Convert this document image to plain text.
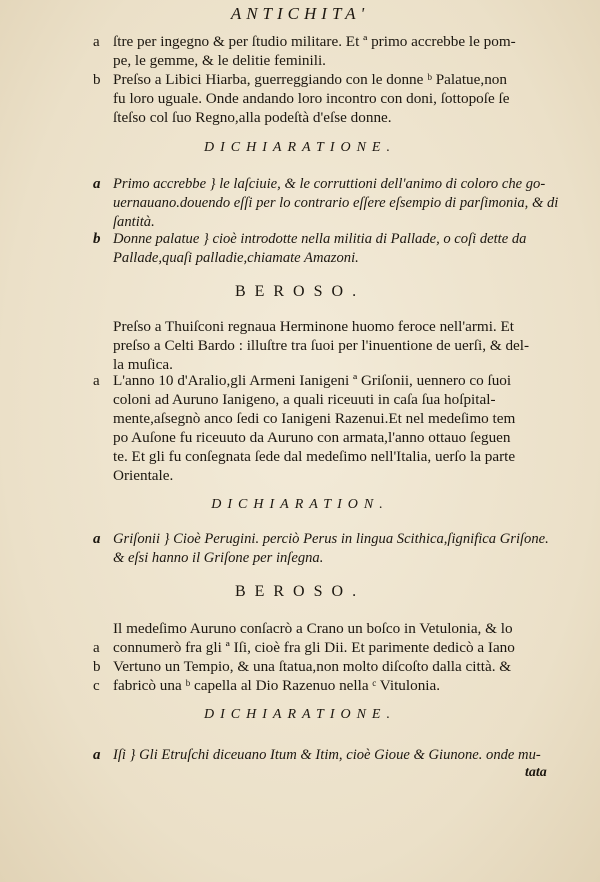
ANTICHITA'
a ſtre per ingegno & per ſtudio militare. Et ª primo accrebbe le pom-
pe, le gemme, & le delitie feminili.
b Preſso a Libici Hiarba, guerreggiando con le donne ᵇ Palatue,non
fu loro uguale. Onde andando loro incontro con doni, ſottopoſe ſe
ſteſso col ſuo Regno,alla podeſtà d'eſse donne.
DICHIARATIONE.
a Primo accrebbe } le laſciuie, & le corruttioni dell'animo di coloro che go-
uernauano.douendo eſſi per lo contrario eſſere eſsempio di parſimonia, & di
ſantità.
b Donne palatue } cioè introdotte nella militia di Pallade, o coſi dette da
Pallade,quaſi palladie,chiamate Amazoni.
BEROSO.
Preſso a Thuiſconi regnaua Herminone huomo feroce nell'armi. Et
preſso a Celti Bardo : illuſtre tra ſuoi per l'inuentione de uerſi, & del-
la muſica.
a L'anno 10 d'Aralio,gli Armeni Ianigeni ª Griſonii, uennero co ſuoi
coloni ad Auruno Ianigeno, a quali riceuuti in caſa ſua hoſpital-
mente,aſsegnò anco ſedi co Ianigeni Razenui.Et nel medeſimo tem
po Auſone fu riceuuto da Auruno con armata,l'anno ottauo ſeguen
te. Et gli fu conſegnata ſede dal medeſimo nell'Italia, uerſo la parte
Orientale.
DICHIARATION.
a Griſonii } Cioè Perugini. perciò Perus in lingua Scithica,ſignifica Griſone.
& eſsi hanno il Griſone per inſegna.
BEROSO.
Il medeſimo Auruno conſacrò a Crano un boſco in Vetulonia, & lo
a connumerò fra gli ª Iſi, cioè fra gli Dii. Et parimente dedicò a Iano
b Vertuno un Tempio, & una ſtatua,non molto diſcoſto dalla città. &
c fabricò una ᵇ capella al Dio Razenuo nella ᶜ Vitulonia.
DICHIARATIONE.
a Iſi } Gli Etruſchi diceuano Itum & Itim, cioè Gioue & Giunone. onde mu-
tata
